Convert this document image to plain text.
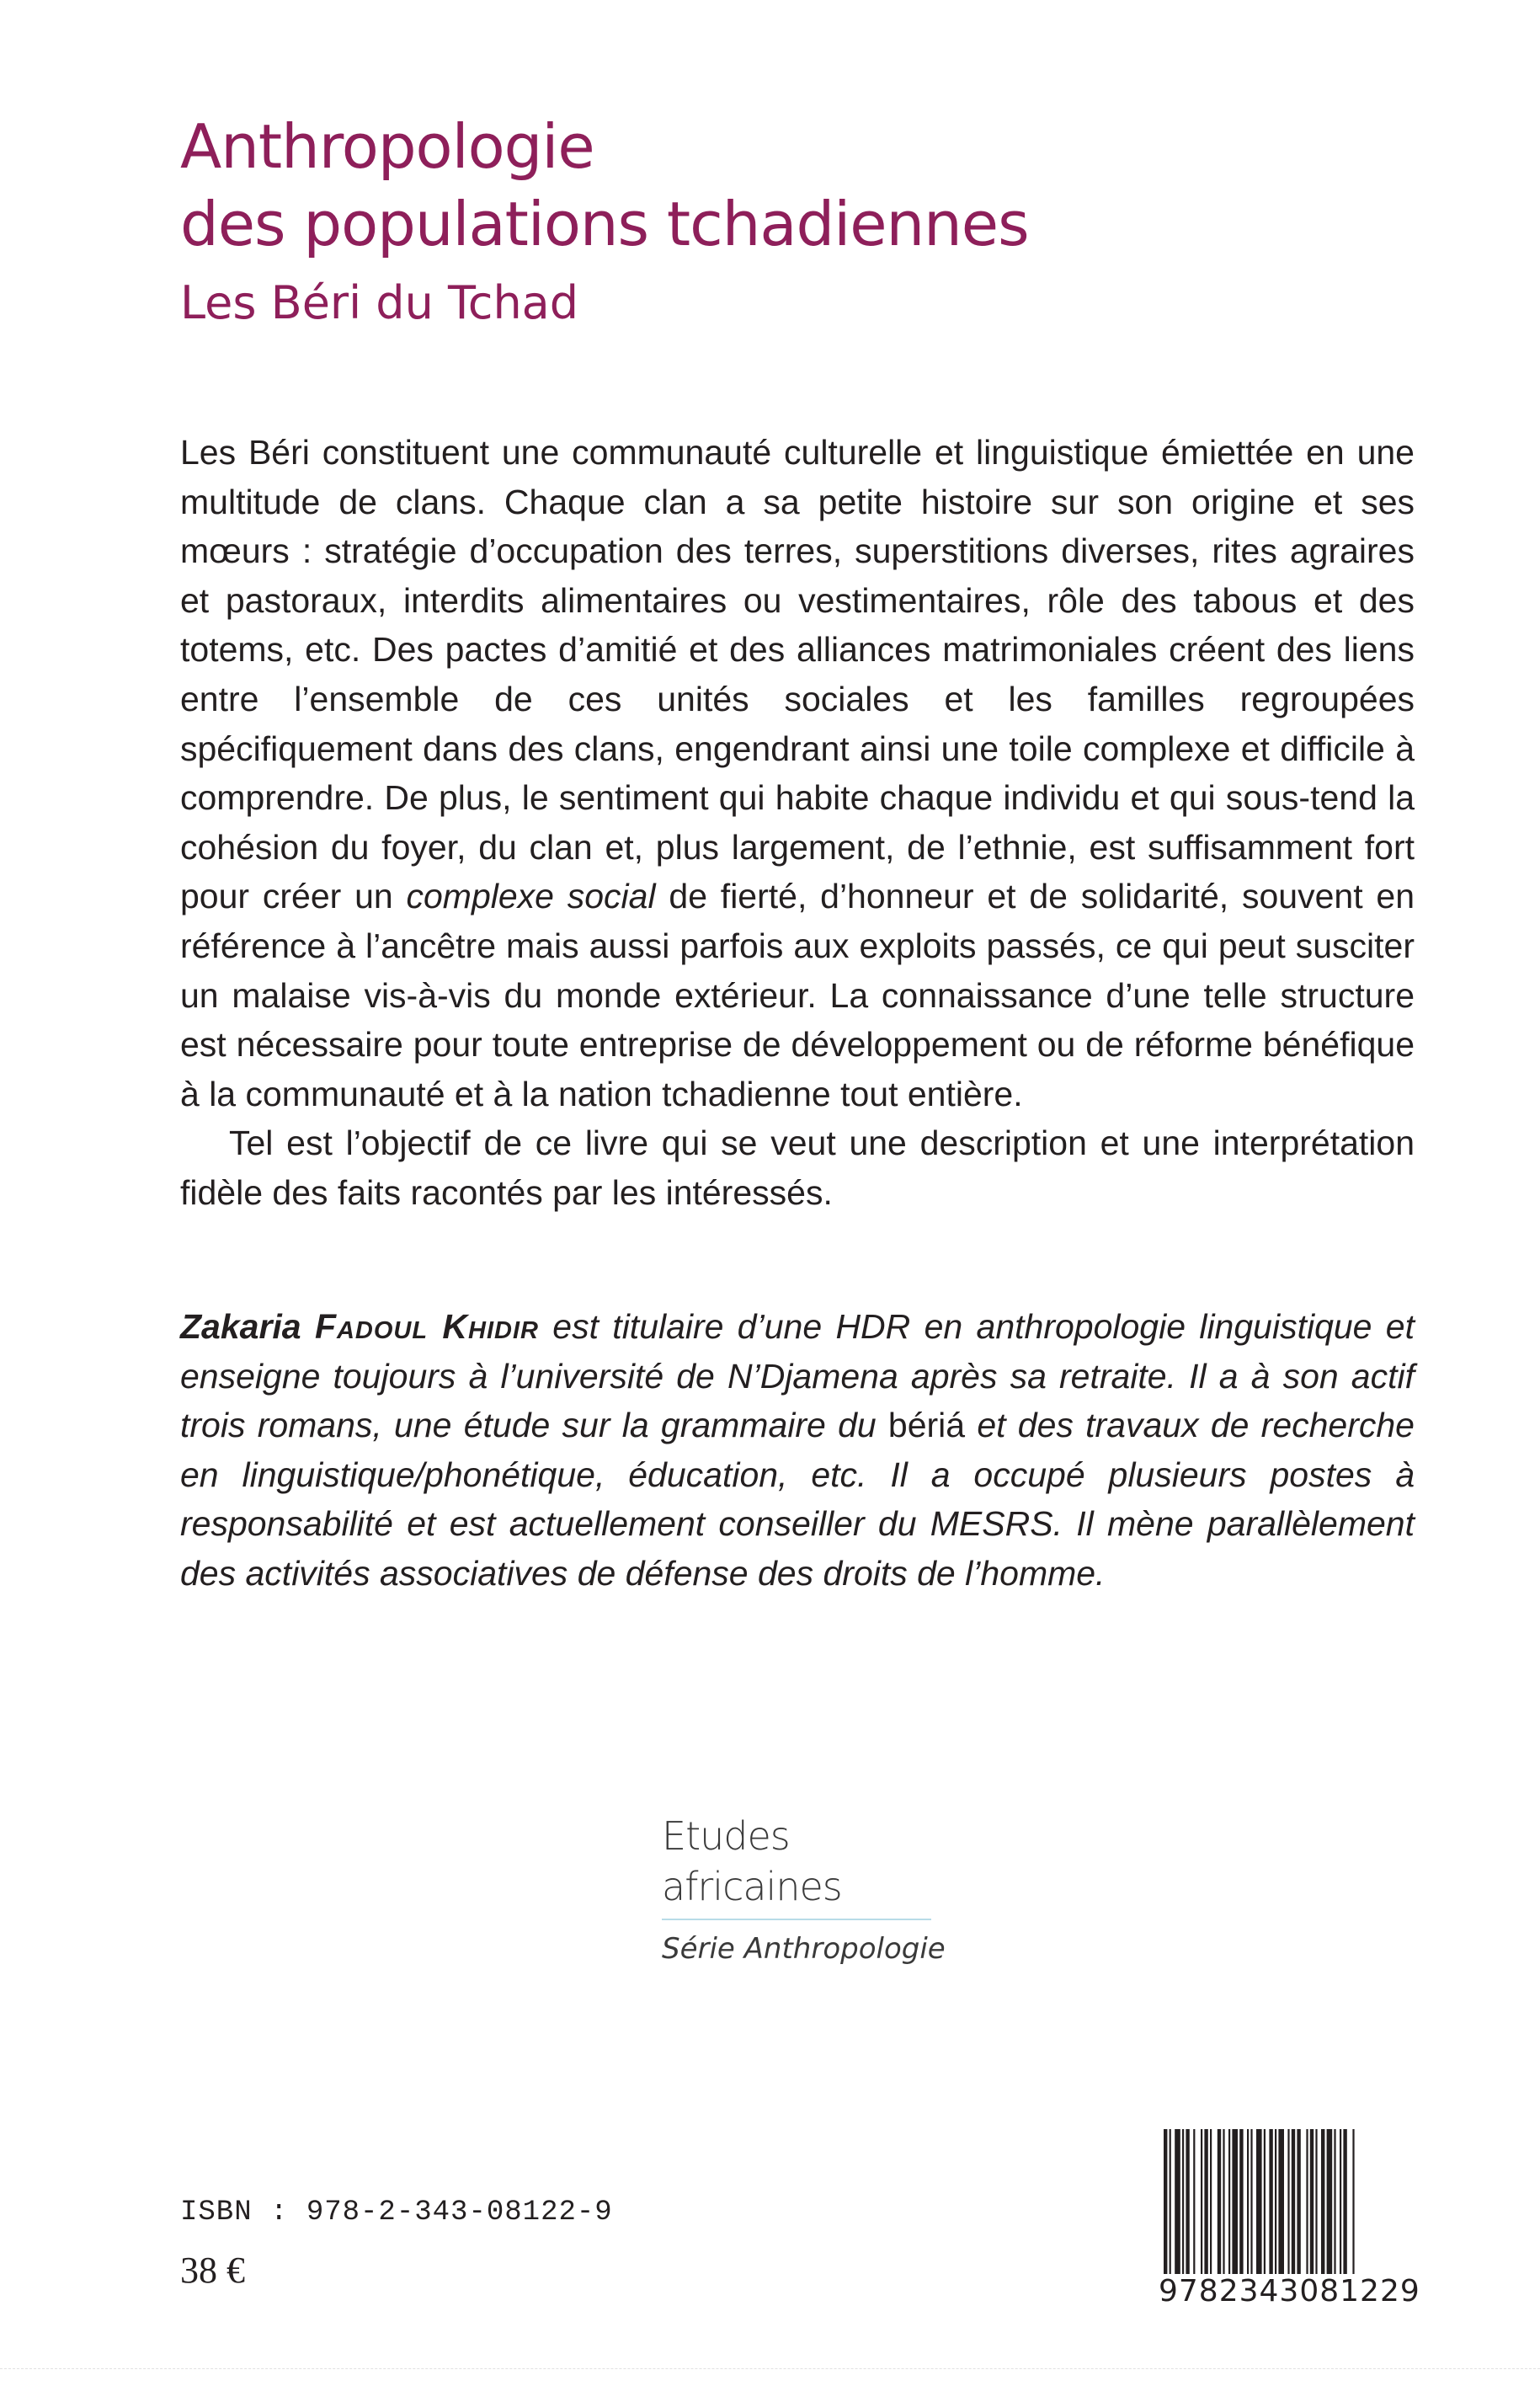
Anthropologie
des populations tchadiennes
Les Béri du Tchad

Les Béri constituent une communauté culturelle et linguistique émiettée en une multitude de clans. Chaque clan a sa petite histoire sur son origine et ses mœurs : stratégie d’occupation des terres, superstitions diverses, rites agraires et pastoraux, interdits alimentaires ou vestimentaires, rôle des tabous et des totems, etc. Des pactes d’amitié et des alliances matrimoniales créent des liens entre l’ensemble de ces unités sociales et les familles regroupées spécifiquement dans des clans, engendrant ainsi une toile complexe et difficile à comprendre. De plus, le sentiment qui habite chaque individu et qui sous-tend la cohésion du foyer, du clan et, plus largement, de l’ethnie, est suffisamment fort pour créer un complexe social de fierté, d’honneur et de solidarité, souvent en référence à l’ancêtre mais aussi parfois aux exploits passés, ce qui peut susciter un malaise vis-à-vis du monde extérieur. La connaissance d’une telle structure est nécessaire pour toute entreprise de développement ou de réforme bénéfique à la communauté et à la nation tchadienne tout entière.

Tel est l’objectif de ce livre qui se veut une description et une interprétation fidèle des faits racontés par les intéressés.

Zakaria Fadoul Khidir est titulaire d’une HDR en anthropologie linguistique et enseigne toujours à l’université de N’Djamena après sa retraite. Il a à son actif trois romans, une étude sur la grammaire du bériá et des travaux de recherche en linguistique/phonétique, éducation, etc. Il a occupé plusieurs postes à responsabilité et est actuellement conseiller du MESRS. Il mène parallèlement des activités associatives de défense des droits de l’homme.
Etudes africaines
Série Anthropologie
ISBN : 978-2-343-08122-9
38 €
9782343081229
